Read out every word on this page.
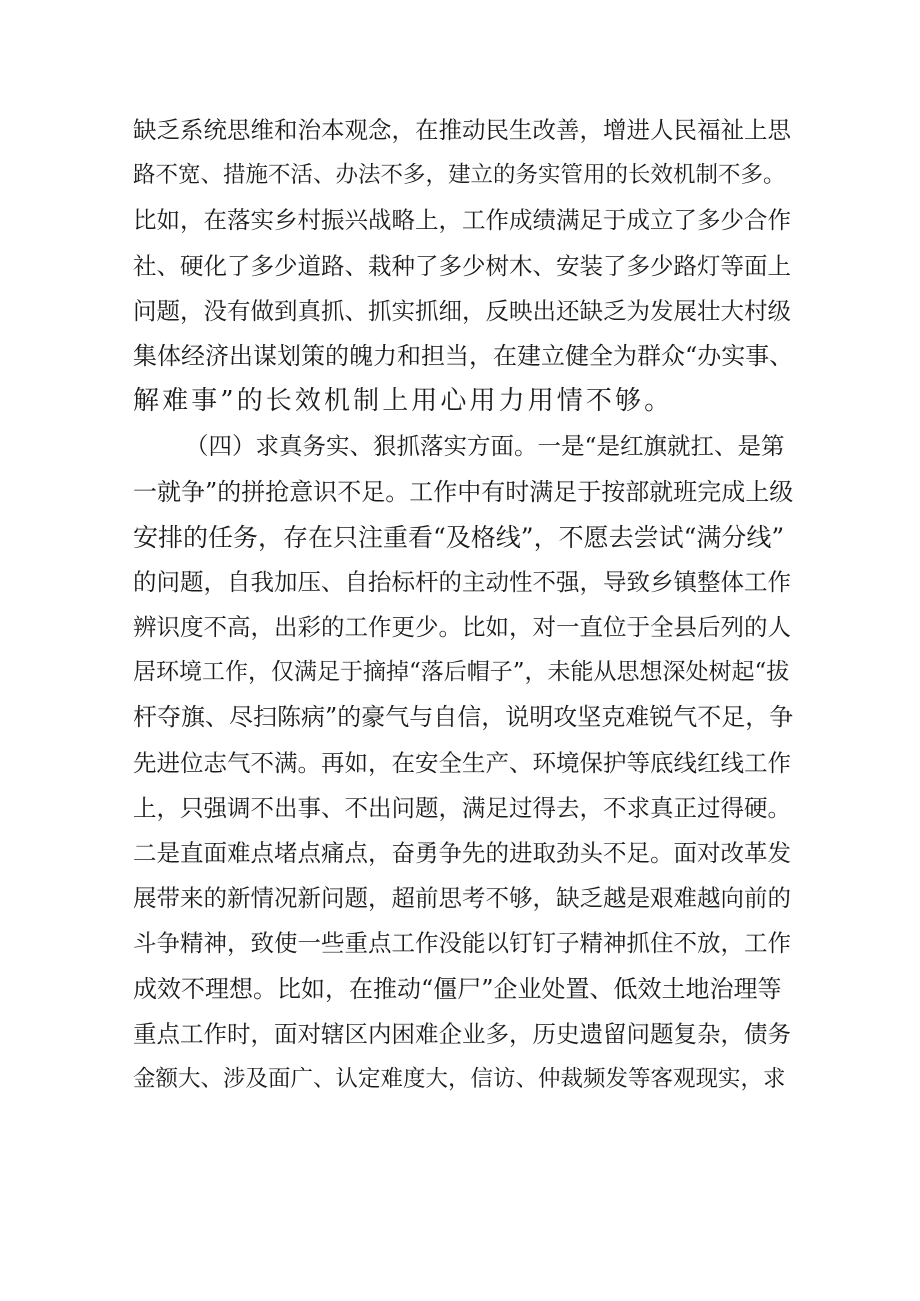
缺乏系统思维和治本观念，在推动民生改善，增进人民福祉上思
路不宽、措施不活、办法不多，建立的务实管用的长效机制不多。
比如，在落实乡村振兴战略上，工作成绩满足于成立了多少合作
社、硬化了多少道路、栽种了多少树木、安装了多少路灯等面上
问题，没有做到真抓、抓实抓细，反映出还缺乏为发展壮大村级
集体经济出谋划策的魄力和担当，在建立健全为群众“办实事、
解难事”的长效机制上用心用力用情不够。
（四）求真务实、狠抓落实方面。一是“是红旗就扛、是第
一就争”的拼抢意识不足。工作中有时满足于按部就班完成上级
安排的任务，存在只注重看“及格线”，不愿去尝试“满分线”
的问题，自我加压、自抬标杆的主动性不强，导致乡镇整体工作
辨识度不高，出彩的工作更少。比如，对一直位于全县后列的人
居环境工作，仅满足于摘掉“落后帽子”，未能从思想深处树起“拔
杆夺旗、尽扫陈病”的豪气与自信，说明攻坚克难锐气不足，争
先进位志气不满。再如，在安全生产、环境保护等底线红线工作
上，只强调不出事、不出问题，满足过得去，不求真正过得硬。
二是直面难点堵点痛点，奋勇争先的进取劲头不足。面对改革发
展带来的新情况新问题，超前思考不够，缺乏越是艰难越向前的
斗争精神，致使一些重点工作没能以钉钉子精神抓住不放，工作
成效不理想。比如，在推动“僵尸”企业处置、低效土地治理等
重点工作时，面对辖区内困难企业多，历史遗留问题复杂，债务
金额大、涉及面广、认定难度大，信访、仲裁频发等客观现实，求
